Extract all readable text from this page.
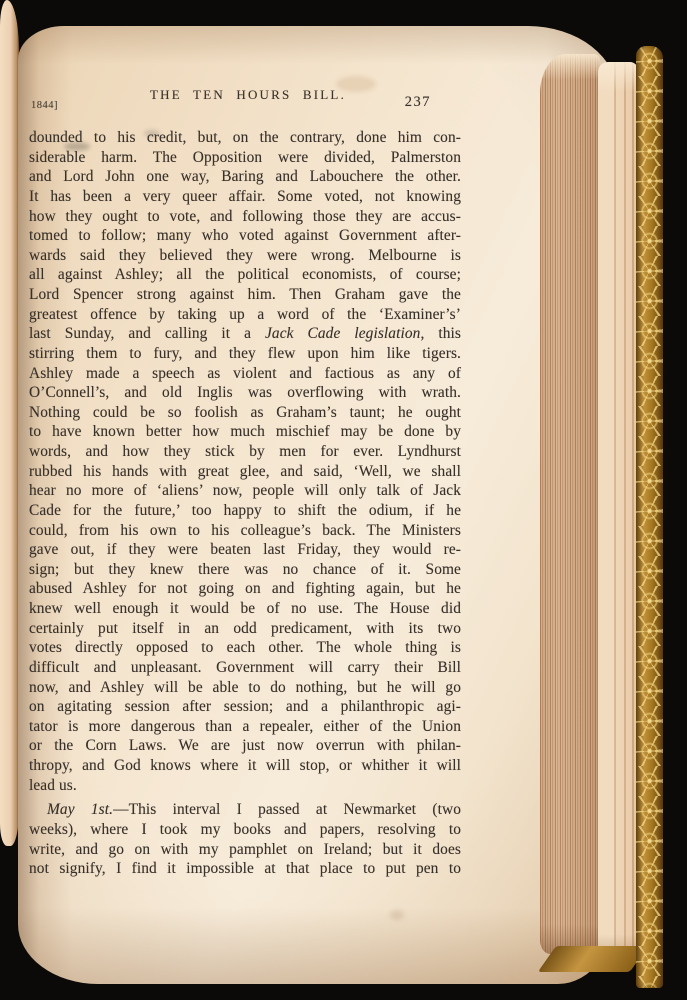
1844]
THE TEN HOURS BILL.	237
dounded to his credit, but, on the contrary, done him con-
siderable harm. The Opposition were divided, Palmerston
and Lord John one way, Baring and Labouchere the other.
It has been a very queer affair. Some voted, not knowing
how they ought to vote, and following those they are accus-
tomed to follow; many who voted against Government after-
wards said they believed they were wrong. Melbourne is
all against Ashley; all the political economists, of course;
Lord Spencer strong against him. Then Graham gave the
greatest offence by taking up a word of the ‘Examiner’s’
last Sunday, and calling it a Jack Cade legislation, this
stirring them to fury, and they flew upon him like tigers.
Ashley made a speech as violent and factious as any of
O’Connell’s, and old Inglis was overflowing with wrath.
Nothing could be so foolish as Graham’s taunt; he ought
to have known better how much mischief may be done by
words, and how they stick by men for ever. Lyndhurst
rubbed his hands with great glee, and said, ‘Well, we shall
hear no more of ‘aliens’ now, people will only talk of Jack
Cade for the future,’ too happy to shift the odium, if he
could, from his own to his colleague’s back. The Ministers
gave out, if they were beaten last Friday, they would re-
sign; but they knew there was no chance of it. Some
abused Ashley for not going on and fighting again, but he
knew well enough it would be of no use. The House did
certainly put itself in an odd predicament, with its two
votes directly opposed to each other. The whole thing is
difficult and unpleasant. Government will carry their Bill
now, and Ashley will be able to do nothing, but he will go
on agitating session after session; and a philanthropic agi-
tator is more dangerous than a repealer, either of the Union
or the Corn Laws. We are just now overrun with philan-
thropy, and God knows where it will stop, or whither it will
lead us.
May 1st.—This interval I passed at Newmarket (two
weeks), where I took my books and papers, resolving to
write, and go on with my pamphlet on Ireland; but it does
not signify, I find it impossible at that place to put pen to
